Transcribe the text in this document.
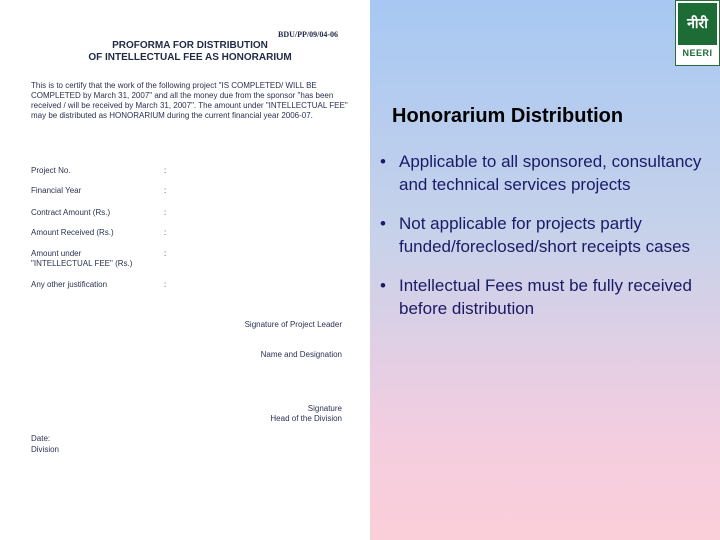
BDU/PP/09/04-06
PROFORMA FOR DISTRIBUTION
OF INTELLECTUAL FEE AS HONORARIUM
This is to certify that the work of the following project "IS COMPLETED/ WILL BE COMPLETED by March 31, 2007" and all the money due from the sponsor "has been received / will be received by March 31, 2007". The amount under "INTELLECTUAL FEE" may be distributed as HONORARIUM during the current financial year 2006-07.
Project No.	:
Financial Year	:
Contract Amount (Rs.)	:
Amount Received (Rs.)	:
Amount under	:
"INTELLECTUAL FEE" (Rs.)
Any other justification	:
Signature of Project Leader
Name and Designation
Signature
Head of the Division
Date:
Division
नीरी
NEERI
Honorarium Distribution
• Applicable to all sponsored, consultancy and technical services projects
• Not applicable for projects partly funded/foreclosed/short receipts cases
• Intellectual Fees must be fully received before distribution
